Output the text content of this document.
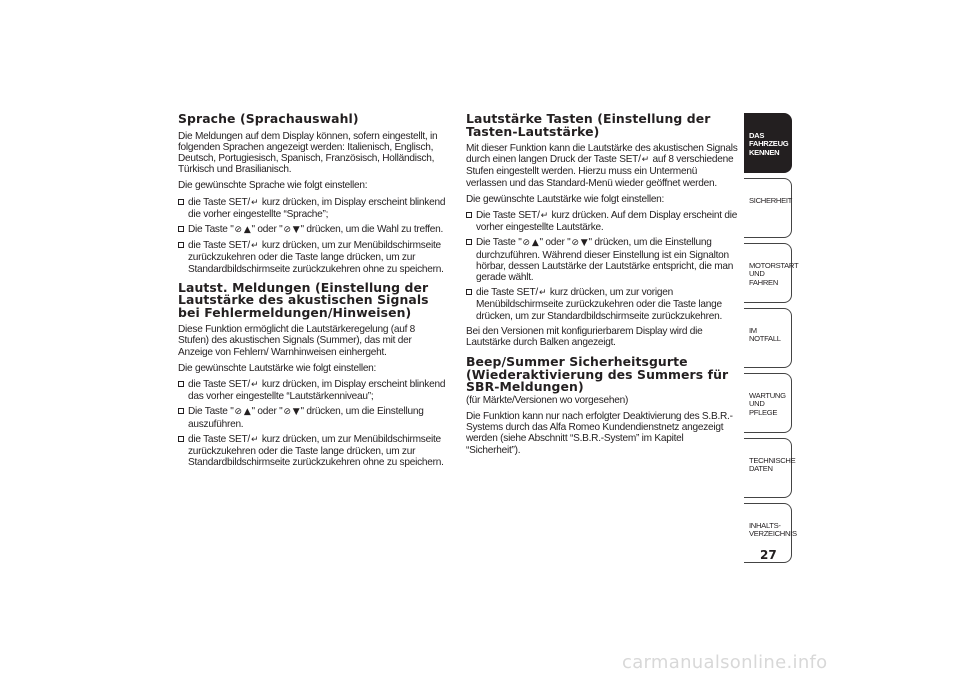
Sprache (Sprachauswahl)

Die Meldungen auf dem Display können, sofern eingestellt, in folgenden Sprachen angezeigt werden: Italienisch, Englisch, Deutsch, Portugiesisch, Spanisch, Französisch, Holländisch, Türkisch und Brasilianisch.

Die gewünschte Sprache wie folgt einstellen:

die Taste SET/↵ kurz drücken, im Display erscheint blinkend die vorher eingestellte “Sprache”;

Die Taste "⊘ ▲" oder "⊘ ▼" drücken, um die Wahl zu treffen.

die Taste SET/↵ kurz drücken, um zur Menübildschirmseite zurückzukehren oder die Taste lange drücken, um zur Standardbildschirmseite zurückzukehren ohne zu speichern.

Lautst. Meldungen (Einstellung der Lautstärke des akustischen Signals bei Fehlermeldungen/Hinweisen)

Diese Funktion ermöglicht die Lautstärkeregelung (auf 8 Stufen) des akustischen Signals (Summer), das mit der Anzeige von Fehlern/ Warnhinweisen einhergeht.

Die gewünschte Lautstärke wie folgt einstellen:

die Taste SET/↵ kurz drücken, im Display erscheint blinkend das vorher eingestellte “Lautstärkenniveau”;

Die Taste "⊘ ▲" oder "⊘ ▼" drücken, um die Einstellung auszuführen.

die Taste SET/↵ kurz drücken, um zur Menübildschirmseite zurückzukehren oder die Taste lange drücken, um zur Standardbildschirmseite zurückzukehren ohne zu speichern.

Lautstärke Tasten (Einstellung der Tasten-Lautstärke)

Mit dieser Funktion kann die Lautstärke des akustischen Signals durch einen langen Druck der Taste SET/↵ auf 8 verschiedene Stufen eingestellt werden. Hierzu muss ein Untermenü verlassen und das Standard-Menü wieder geöffnet werden.

Die gewünschte Lautstärke wie folgt einstellen:

Die Taste SET/↵ kurz drücken. Auf dem Display erscheint die vorher eingestellte Lautstärke.

Die Taste "⊘ ▲" oder "⊘ ▼" drücken, um die Einstellung durchzuführen. Während dieser Einstellung ist ein Signalton hörbar, dessen Lautstärke der Lautstärke entspricht, die man gerade wählt.

die Taste SET/↵ kurz drücken, um zur vorigen Menübildschirmseite zurückzukehren oder die Taste lange drücken, um zur Standardbildschirmseite zurückzukehren.

Bei den Versionen mit konfigurierbarem Display wird die Lautstärke durch Balken angezeigt.

Beep/Summer Sicherheitsgurte (Wiederaktivierung des Summers für SBR-Meldungen)

(für Märkte/Versionen wo vorgesehen)

Die Funktion kann nur nach erfolgter Deaktivierung des S.B.R.-Systems durch das Alfa Romeo Kundendienstnetz angezeigt werden (siehe Abschnitt “S.B.R.-System” im Kapitel “Sicherheit”).

DAS FAHRZEUG KENNEN
SICHERHEIT
MOTORSTART UND FAHREN
IM NOTFALL
WARTUNG UND PFLEGE
TECHNISCHE DATEN
INHALTS-VERZEICHNIS
27
carmanualsonline.info
